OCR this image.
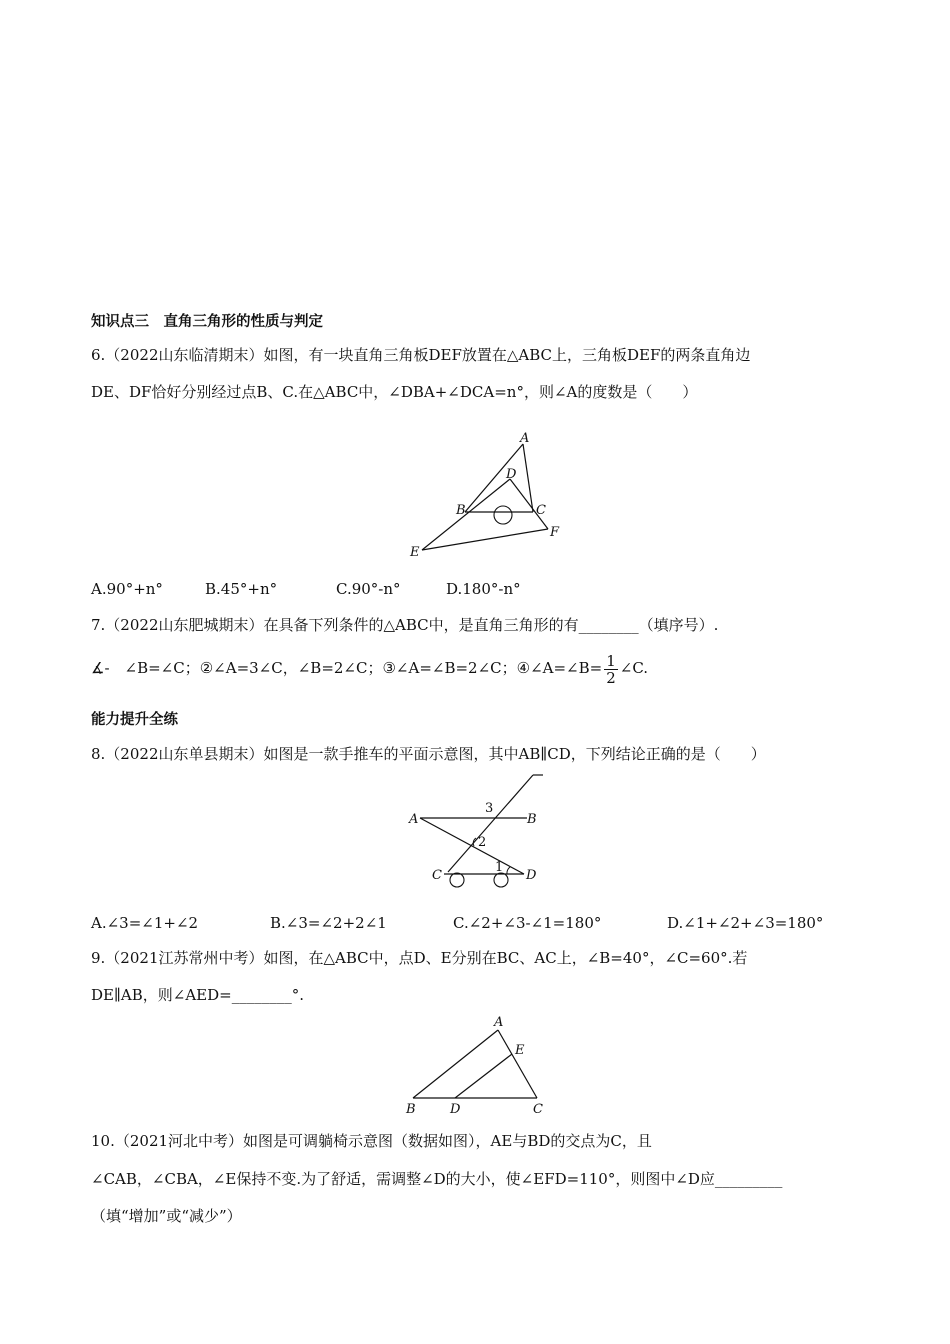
知识点三　直角三角形的性质与判定
6.（2022山东临清期末）如图，有一块直角三角板DEF放置在△ABC上，三角板DEF的两条直角边
DE、DF恰好分别经过点B、C.在△ABC中，∠DBA+∠DCA=n°，则∠A的度数是（　　）
A
D
B	C
E
F
A.90°+n°	B.45°+n°	C.90°-n°	D.180°-n°
7.（2022山东肥城期末）在具备下列条件的△ABC中，是直角三角形的有________（填序号）.
∡-　∠B=∠C；②∠A=3∠C，∠B=2∠C；③∠A=∠B=2∠C；④∠A=∠B= $\frac{1}{2}$ ∠C.
能力提升全练
8.（2022山东单县期末）如图是一款手推车的平面示意图，其中AB∥CD，下列结论正确的是（　　）
A	B
C	D
1
2
3
A.∠3=∠1+∠2	B.∠3=∠2+2∠1	C.∠2+∠3-∠1=180°	D.∠1+∠2+∠3=180°
9.（2021江苏常州中考）如图，在△ABC中，点D、E分别在BC、AC上，∠B=40°，∠C=60°.若
DE∥AB，则∠AED=________°.
A
E
B	D	C
10.（2021河北中考）如图是可调躺椅示意图（数据如图），AE与BD的交点为C，且
∠CAB，∠CBA，∠E保持不变.为了舒适，需调整∠D的大小，使∠EFD=110°，则图中∠D应_________
（填“增加”或“减少”）
